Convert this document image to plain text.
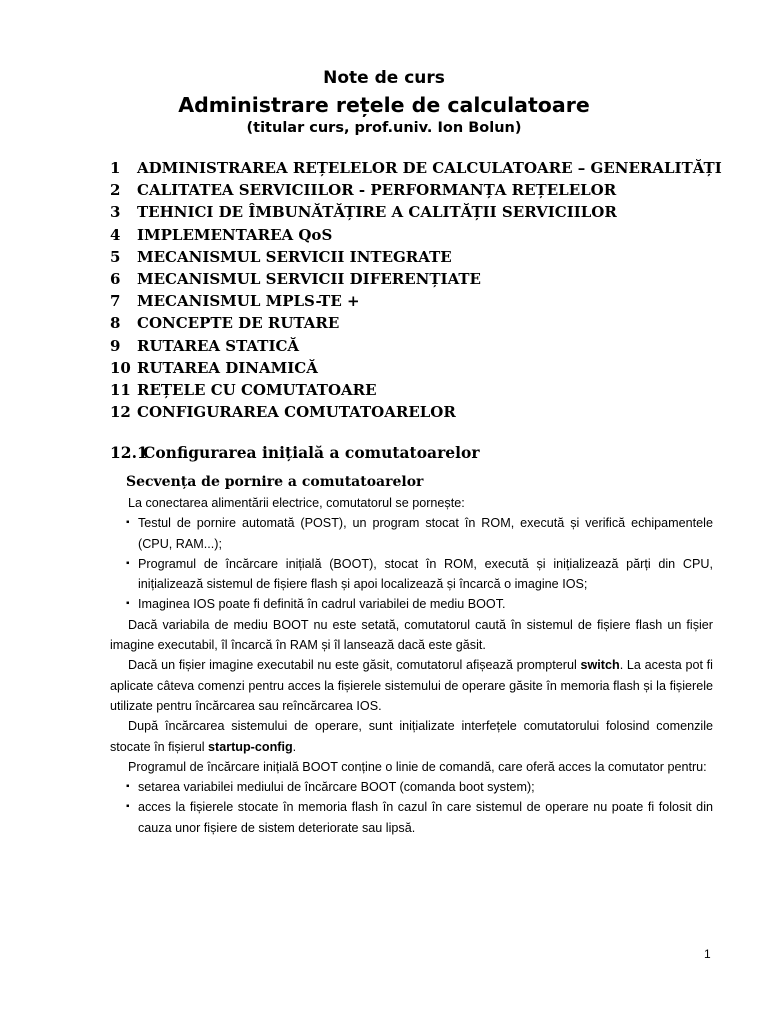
Note de curs
Administrare rețele de calculatoare
(titular curs, prof.univ. Ion Bolun)
1 ADMINISTRAREA REȚELELOR DE CALCULATOARE – GENERALITĂȚI
2 CALITATEA SERVICIILOR - PERFORMANȚA REȚELELOR
3 TEHNICI DE ÎMBUNĂTĂȚIRE A CALITĂȚII SERVICIILOR
4 IMPLEMENTAREA QoS
5 MECANISMUL SERVICII INTEGRATE
6 MECANISMUL SERVICII DIFERENȚIATE
7 MECANISMUL MPLS-TE +
8 CONCEPTE DE RUTARE
9 RUTAREA STATICĂ
10 RUTAREA DINAMICĂ
11 REȚELE CU COMUTATOARE
12 CONFIGURAREA COMUTATOARELOR
12.1Configurarea inițială a comutatoarelor
Secvența de pornire a comutatoarelor

La conectarea alimentării electrice, comutatorul se pornește:

▪ Testul de pornire automată (POST), un program stocat în ROM, execută și verifică echipamentele (CPU, RAM...);
▪ Programul de încărcare inițială (BOOT), stocat în ROM, execută și inițializează părți din CPU, inițializează sistemul de fișiere flash și apoi localizează și încarcă o imagine IOS;
▪ Imaginea IOS poate fi definită în cadrul variabilei de mediu BOOT.

Dacă variabila de mediu BOOT nu este setată, comutatorul caută în sistemul de fișiere flash un fișier imagine executabil, îl încarcă în RAM și îl lansează dacă este găsit.

Dacă un fișier imagine executabil nu este găsit, comutatorul afișează prompterul switch. La acesta pot fi aplicate câteva comenzi pentru acces la fișierele sistemului de operare găsite în memoria flash și la fișierele utilizate pentru încărcarea sau reîncărcarea IOS.

După încărcarea sistemului de operare, sunt inițializate interfețele comutatorului folosind comenzile stocate în fișierul startup-config.

Programul de încărcare inițială BOOT conține o linie de comandă, care oferă acces la comutator pentru:

▪ setarea variabilei mediului de încărcare BOOT (comanda boot system);
▪ acces la fișierele stocate în memoria flash în cazul în care sistemul de operare nu poate fi folosit din cauza unor fișiere de sistem deteriorate sau lipsă.
1
